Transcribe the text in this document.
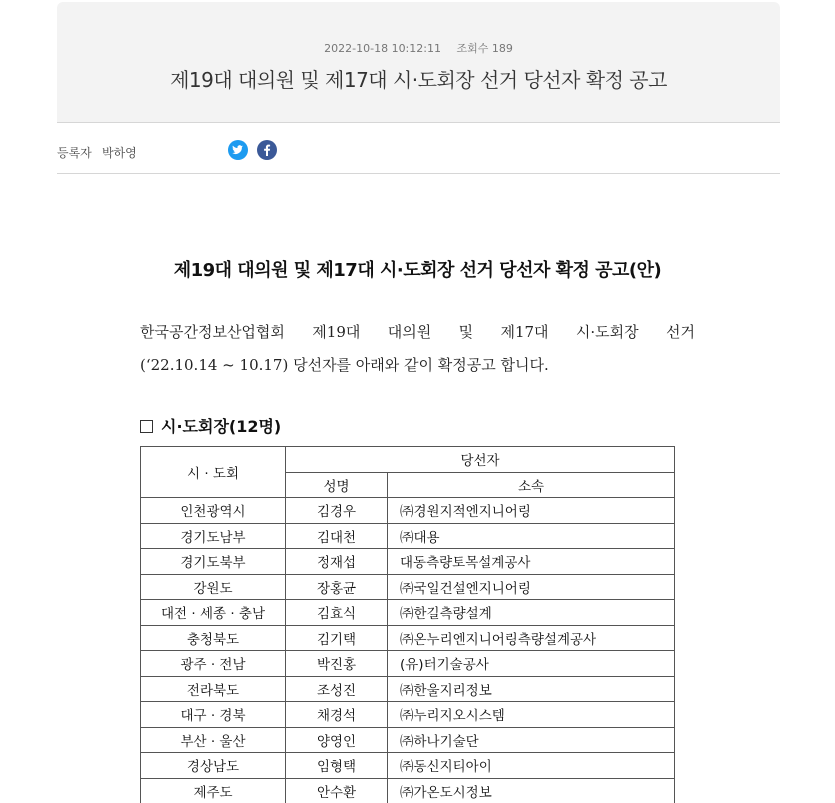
2022-10-18 10:12:11 조회수 189
제19대 대의원 및 제17대 시·도회장 선거 당선자 확정 공고
등록자 박하영
제19대 대의원 및 제17대 시·도회장 선거 당선자 확정 공고(안)
한국공간정보산업협회 제19대 대의원 및 제17대 시·도회장 선거
(‘22.10.14 ~ 10.17) 당선자를 아래와 같이 확정공고 합니다.
시·도회장(12명)
시 · 도회	당선자	
	성명	소속
인천광역시	김경우	㈜경원지적엔지니어링
경기도남부	김대천	㈜대용
경기도북부	정재섭	대동측량토목설계공사
강원도	장홍균	㈜국일건설엔지니어링
대전 · 세종 · 충남	김효식	㈜한길측량설계
충청북도	김기택	㈜온누리엔지니어링측량설계공사
광주 · 전남	박진홍	(유)터기술공사
전라북도	조성진	㈜한울지리정보
대구 · 경북	채경석	㈜누리지오시스템
부산 · 울산	양영인	㈜하나기술단
경상남도	임형택	㈜동신지티아이
제주도	안수환	㈜가온도시정보
